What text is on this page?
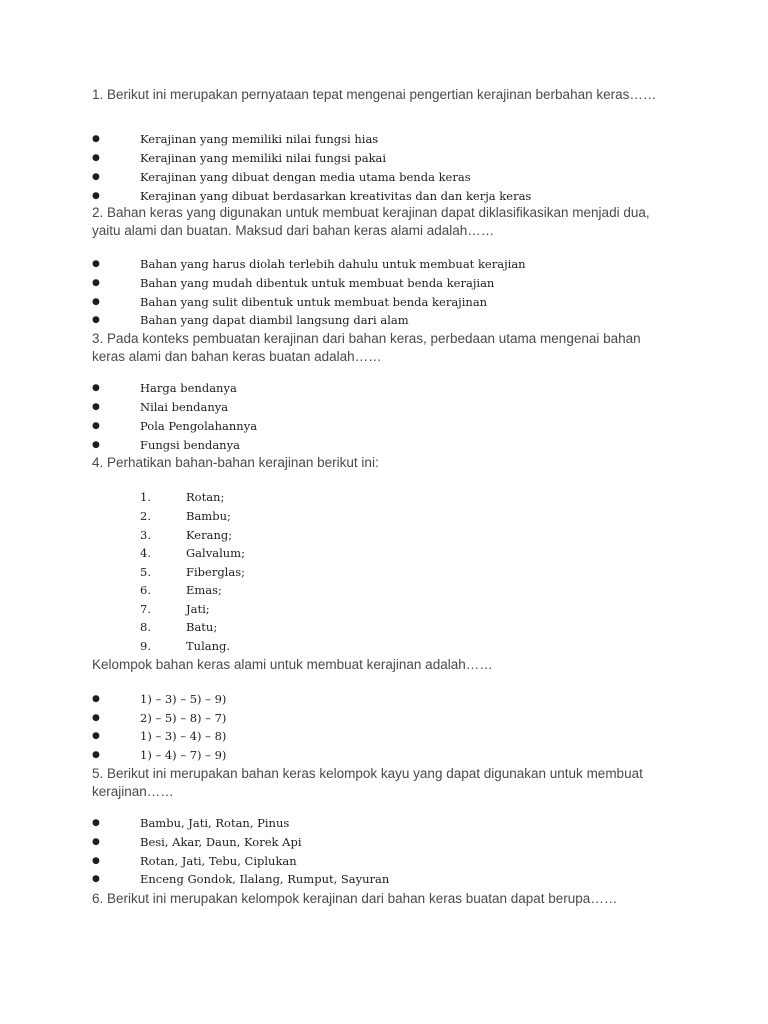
1. Berikut ini merupakan pernyataan tepat mengenai pengertian kerajinan berbahan keras……

●	Kerajinan yang memiliki nilai fungsi hias
●	Kerajinan yang memiliki nilai fungsi pakai
●	Kerajinan yang dibuat dengan media utama benda keras
●	Kerajinan yang dibuat berdasarkan kreativitas dan dan kerja keras

2. Bahan keras yang digunakan untuk membuat kerajinan dapat diklasifikasikan menjadi dua, yaitu alami dan buatan. Maksud dari bahan keras alami adalah……

●	Bahan yang harus diolah terlebih dahulu untuk membuat kerajian
●	Bahan yang mudah dibentuk untuk membuat benda kerajian
●	Bahan yang sulit dibentuk untuk membuat benda kerajinan
●	Bahan yang dapat diambil langsung dari alam

3. Pada konteks pembuatan kerajinan dari bahan keras, perbedaan utama mengenai bahan keras alami dan bahan keras buatan adalah……

●	Harga bendanya
●	Nilai bendanya
●	Pola Pengolahannya
●	Fungsi bendanya

4. Perhatikan bahan-bahan kerajinan berikut ini:

1.	Rotan;
2.	Bambu;
3.	Kerang;
4.	Galvalum;
5.	Fiberglas;
6.	Emas;
7.	Jati;
8.	Batu;
9.	Tulang.

Kelompok bahan keras alami untuk membuat kerajinan adalah……

●	1) – 3) – 5) – 9)
●	2) – 5) – 8) – 7)
●	1) – 3) – 4) – 8)
●	1) – 4) – 7) – 9)

5. Berikut ini merupakan bahan keras kelompok kayu yang dapat digunakan untuk membuat kerajinan……

●	Bambu, Jati, Rotan, Pinus
●	Besi, Akar, Daun, Korek Api
●	Rotan, Jati, Tebu, Ciplukan
●	Enceng Gondok, Ilalang, Rumput, Sayuran

6. Berikut ini merupakan kelompok kerajinan dari bahan keras buatan dapat berupa……
